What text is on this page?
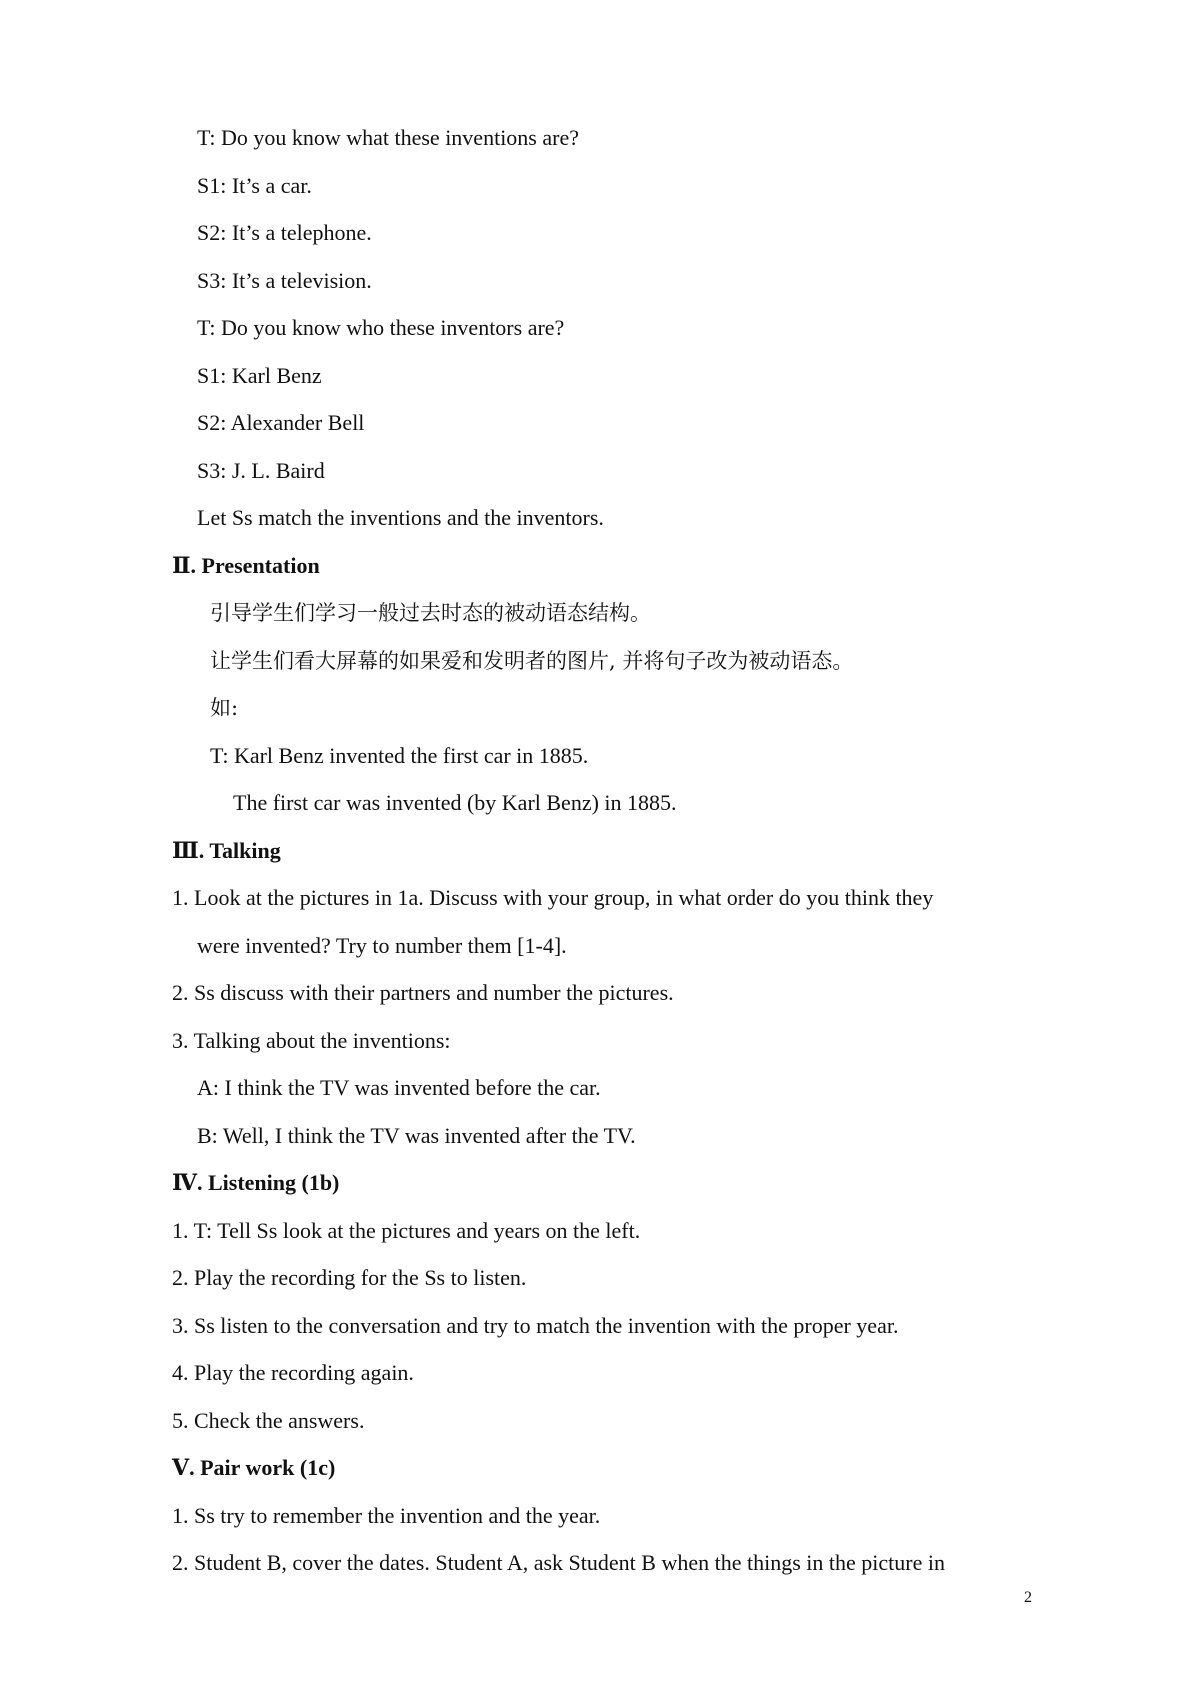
T: Do you know what these inventions are?
S1: It’s a car.
S2: It’s a telephone.
S3: It’s a television.
T: Do you know who these inventors are?
S1: Karl Benz
S2: Alexander Bell
S3: J. L. Baird
Let Ss match the inventions and the inventors.
Ⅱ. Presentation
引导学生们学习一般过去时态的被动语态结构。
让学生们看大屏幕的如果爱和发明者的图片, 并将句子改为被动语态。
如:
T: Karl Benz invented the first car in 1885.
The first car was invented (by Karl Benz) in 1885.
Ⅲ. Talking
1. Look at the pictures in 1a. Discuss with your group, in what order do you think they
were invented? Try to number them [1-4].
2. Ss discuss with their partners and number the pictures.
3. Talking about the inventions:
A: I think the TV was invented before the car.
B: Well, I think the TV was invented after the TV.
Ⅳ. Listening (1b)
1. T: Tell Ss look at the pictures and years on the left.
2. Play the recording for the Ss to listen.
3. Ss listen to the conversation and try to match the invention with the proper year.
4. Play the recording again.
5. Check the answers.
Ⅴ. Pair work (1c)
1. Ss try to remember the invention and the year.
2. Student B, cover the dates. Student A, ask Student B when the things in the picture in
2
